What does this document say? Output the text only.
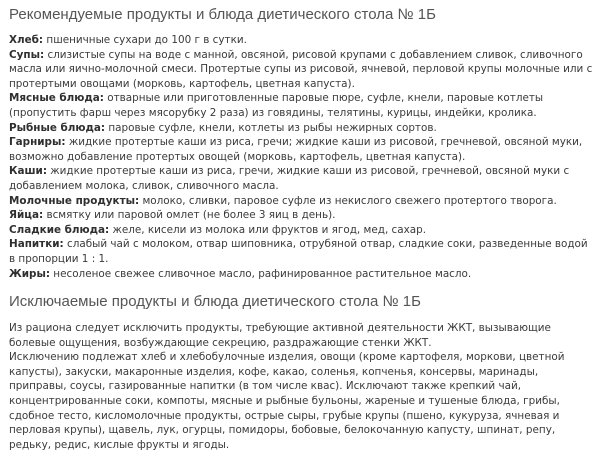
Рекомендуемые продукты и блюда диетического стола № 1Б

Хлеб: пшеничные сухари до 100 г в сутки.

Супы: слизистые супы на воде с манной, овсяной, рисовой крупами с добавлением сливок, сливочного масла или яично-молочной смеси. Протертые супы из рисовой, ячневой, перловой крупы молочные или с протертыми овощами (морковь, картофель, цветная капуста).

Мясные блюда: отварные или приготовленные паровые пюре, суфле, кнели, паровые котлеты (пропустить фарш через мясорубку 2 раза) из говядины, телятины, курицы, индейки, кролика.

Рыбные блюда: паровые суфле, кнели, котлеты из рыбы нежирных сортов.

Гарниры: жидкие протертые каши из риса, гречи; жидкие каши из рисовой, гречневой, овсяной муки, возможно добавление протертых овощей (морковь, картофель, цветная капуста).

Каши: жидкие протертые каши из риса, гречи, жидкие каши из рисовой, гречневой, овсяной муки с добавлением молока, сливок, сливочного масла.

Молочные продукты: молоко, сливки, паровое суфле из некислого свежего протертого творога.

Яйца: всмятку или паровой омлет (не более 3 яиц в день).

Сладкие блюда: желе, кисели из молока или фруктов и ягод, мед, сахар.

Напитки: слабый чай с молоком, отвар шиповника, отрубяной отвар, сладкие соки, разведенные водой в пропорции 1 : 1.

Жиры: несоленое свежее сливочное масло, рафинированное растительное масло.

Исключаемые продукты и блюда диетического стола № 1Б

Из рациона следует исключить продукты, требующие активной деятельности ЖКТ, вызывающие болевые ощущения, возбуждающие секрецию, раздражающие стенки ЖКТ.

Исключению подлежат хлеб и хлебобулочные изделия, овощи (кроме картофеля, моркови, цветной капусты), закуски, макаронные изделия, кофе, какао, соленья, копченья, консервы, маринады, приправы, соусы, газированные напитки (в том числе квас). Исключают также крепкий чай, концентрированные соки, компоты, мясные и рыбные бульоны, жареные и тушеные блюда, грибы, сдобное тесто, кисломолочные продукты, острые сыры, грубые крупы (пшено, кукуруза, ячневая и перловая крупы), щавель, лук, огурцы, помидоры, бобовые, белокочанную капусту, шпинат, репу, редьку, редис, кислые фрукты и ягоды.
